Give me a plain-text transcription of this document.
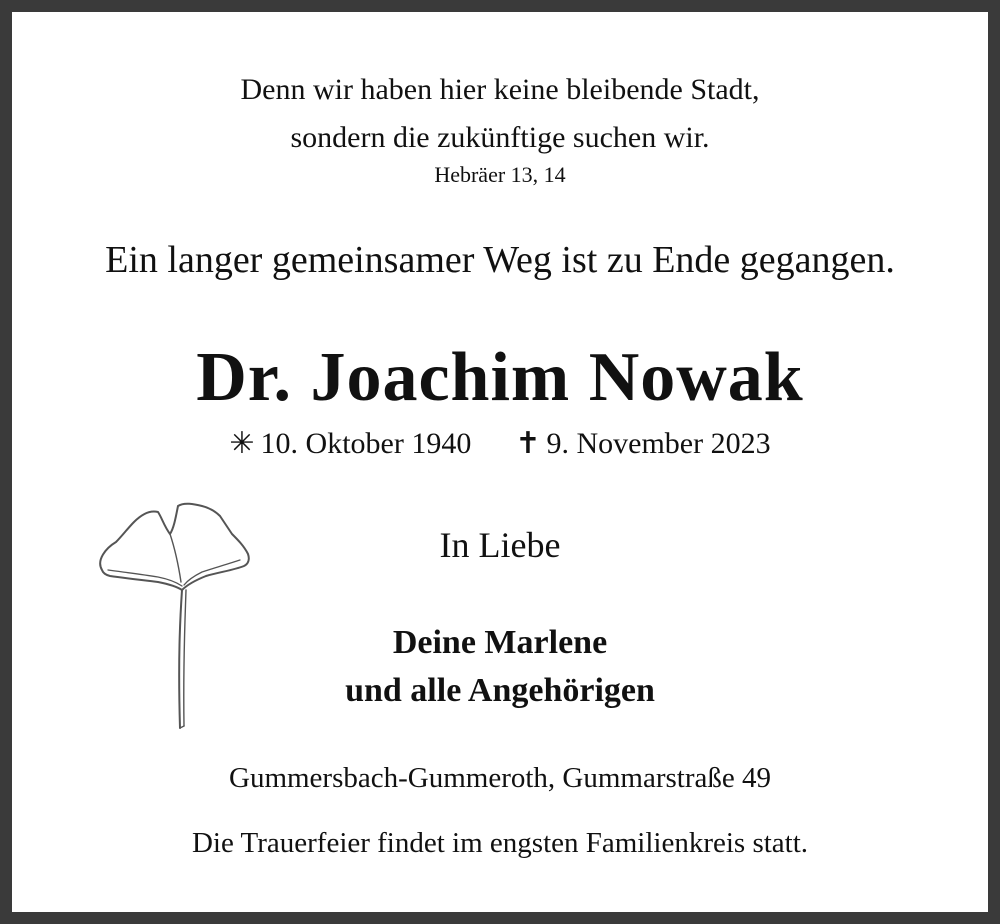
Denn wir haben hier keine bleibende Stadt,
sondern die zukünftige suchen wir.
Hebräer 13, 14
Ein langer gemeinsamer Weg ist zu Ende gegangen.
Dr. Joachim Nowak
✳ 10. Oktober 1940 ✝ 9. November 2023
In Liebe
Deine Marlene
und alle Angehörigen
Gummersbach-Gummeroth, Gummarstraße 49
Die Trauerfeier findet im engsten Familienkreis statt.
